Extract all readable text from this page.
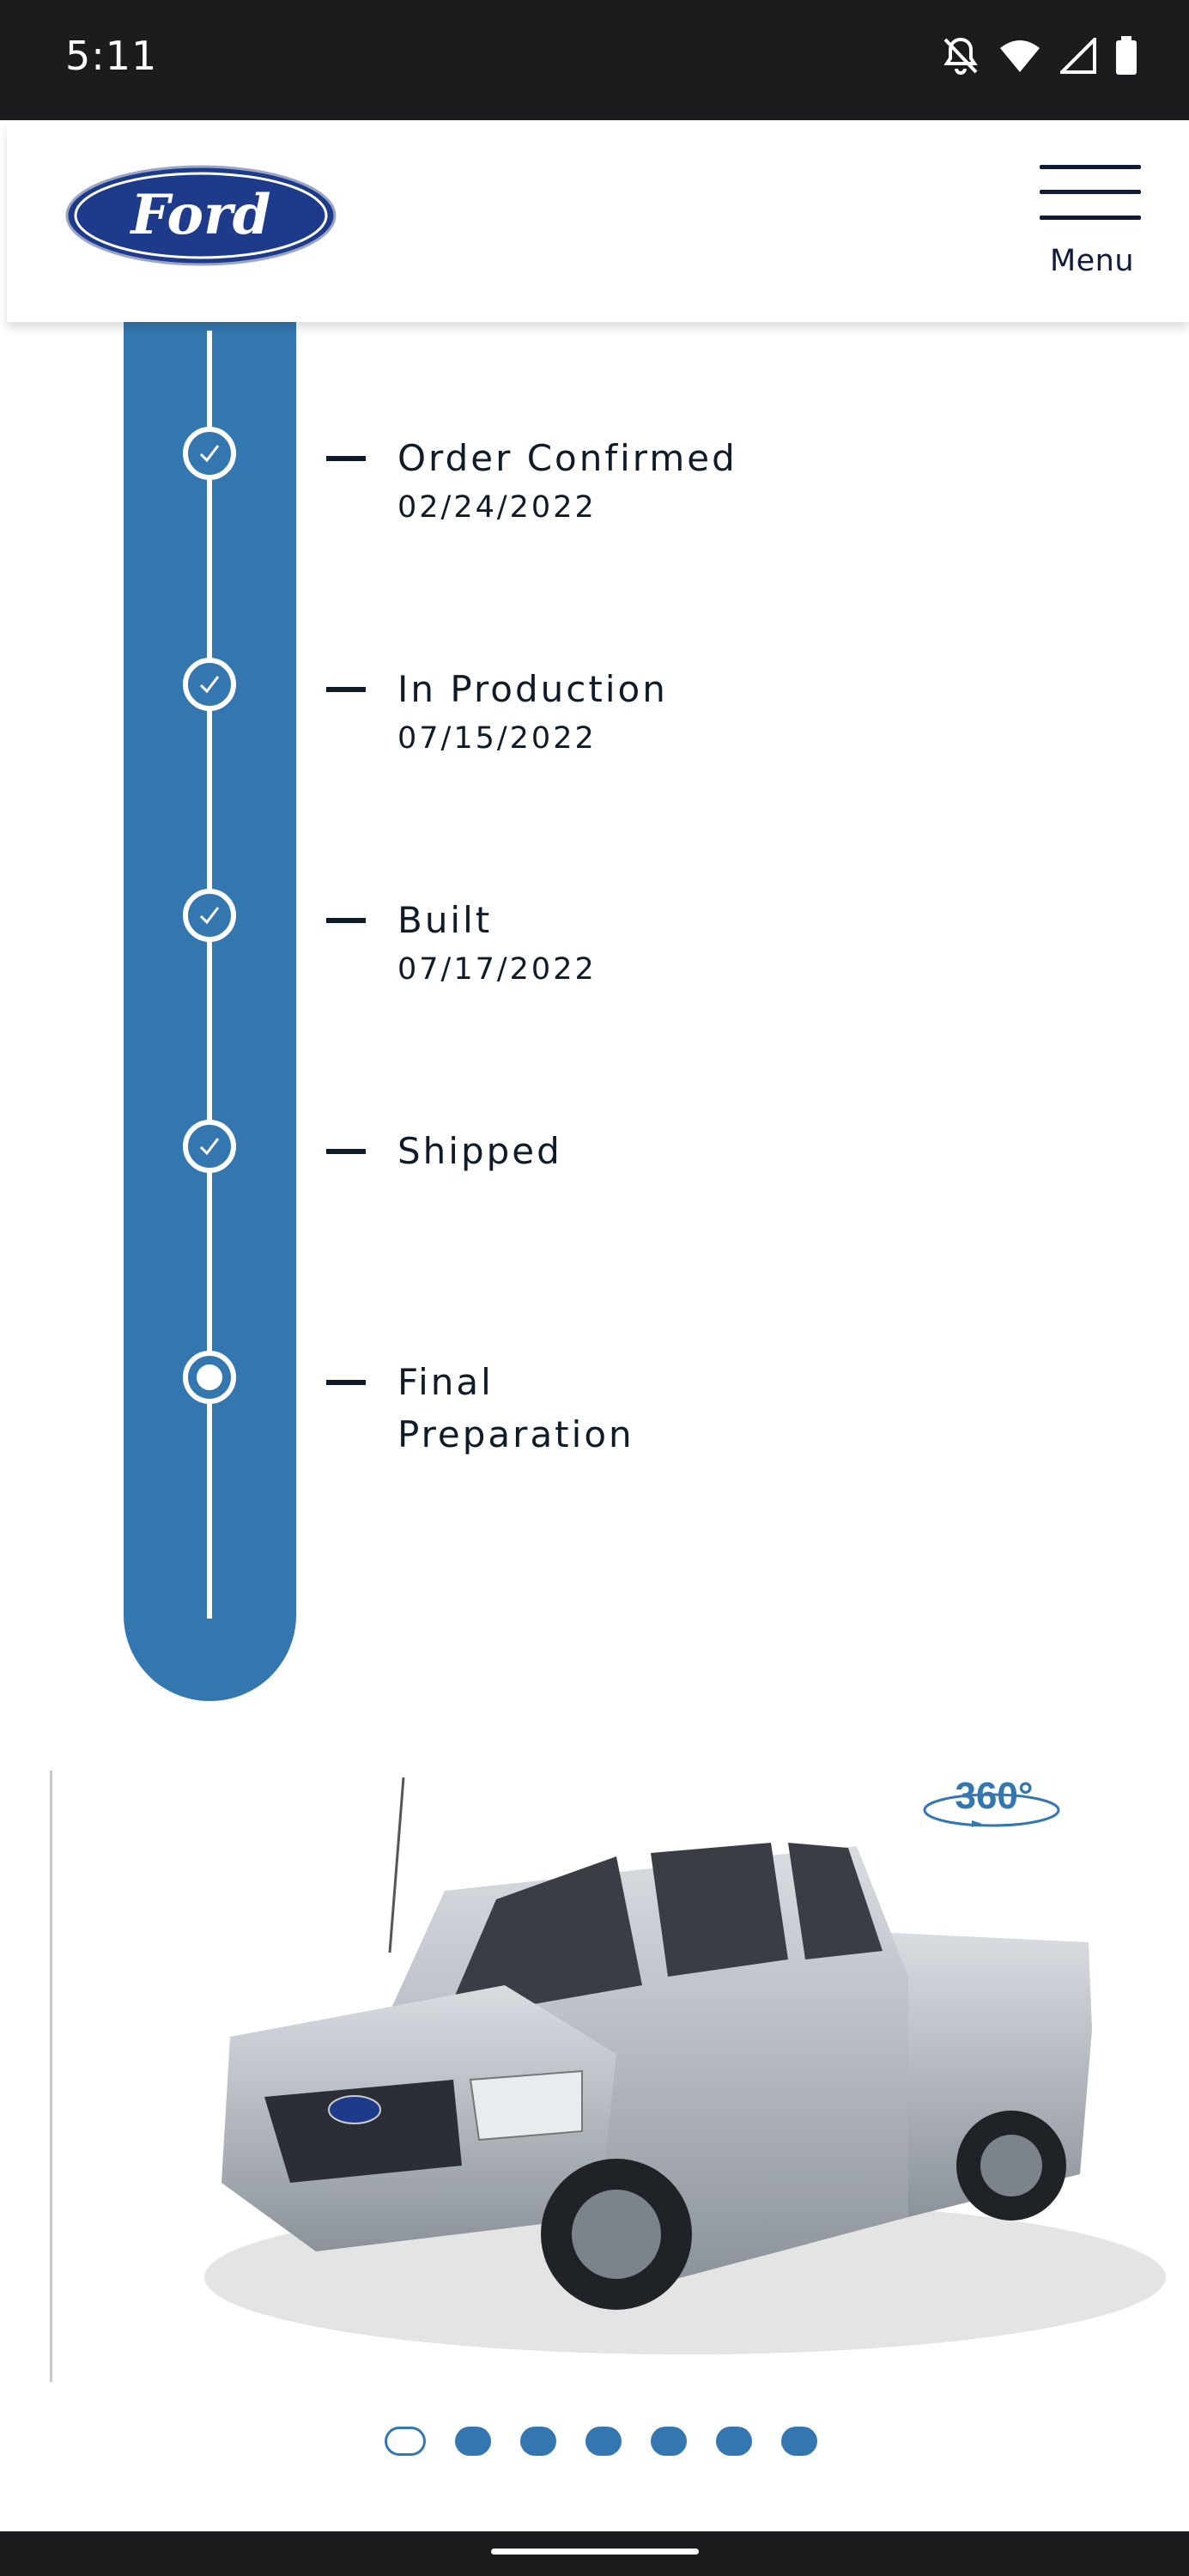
5:11
Ford
Menu
Order Confirmed
02/24/2022
In Production
07/15/2022
Built
07/17/2022
Shipped
Final Preparation
360°
